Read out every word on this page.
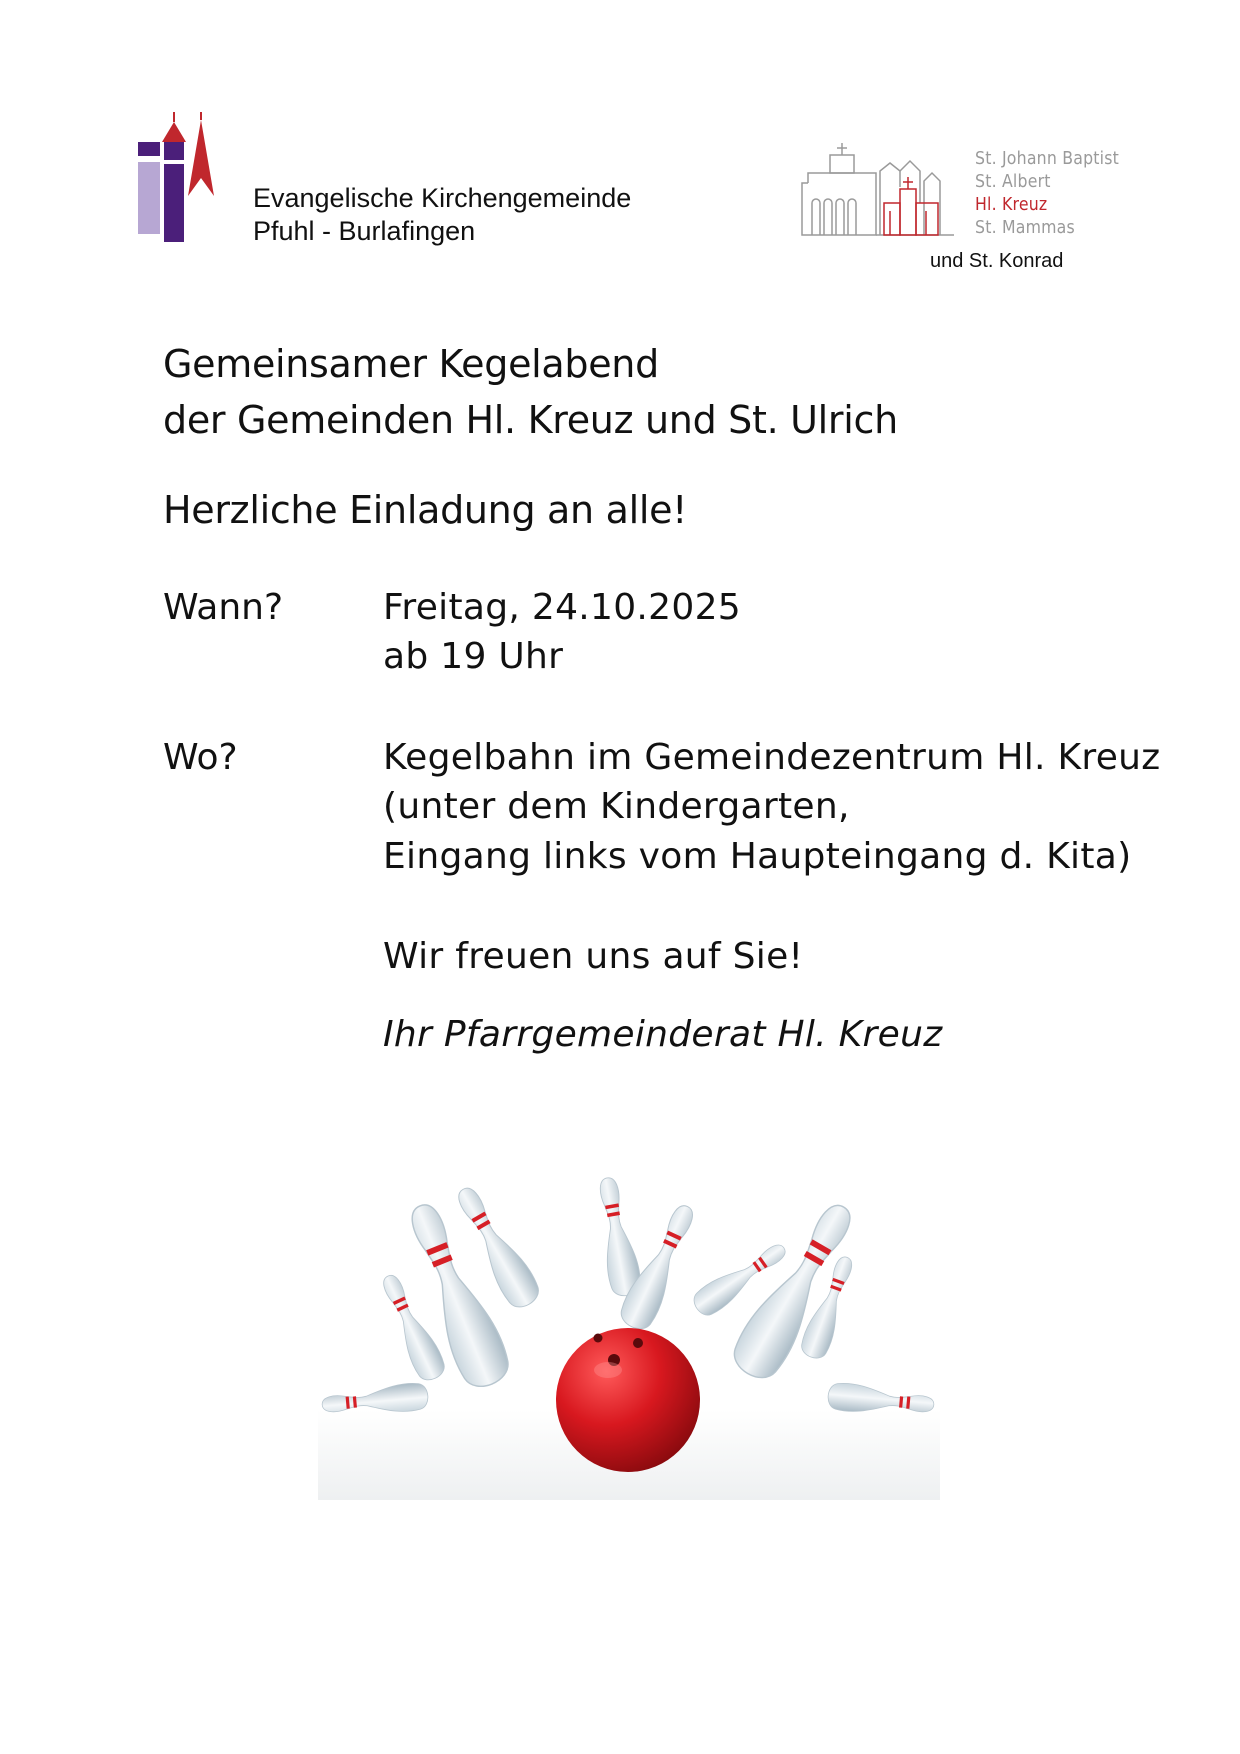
Evangelische Kirchengemeinde
Pfuhl - Burlafingen
St. Johann Baptist
St. Albert
Hl. Kreuz
St. Mammas
und St. Konrad
Gemeinsamer Kegelabend
der Gemeinden Hl. Kreuz und St. Ulrich
Herzliche Einladung an alle!
Wann?	Freitag, 24.10.2025
ab 19 Uhr
Wo?	Kegelbahn im Gemeindezentrum Hl. Kreuz
(unter dem Kindergarten,
Eingang links vom Haupteingang d. Kita)
Wir freuen uns auf Sie!
Ihr Pfarrgemeinderat Hl. Kreuz
